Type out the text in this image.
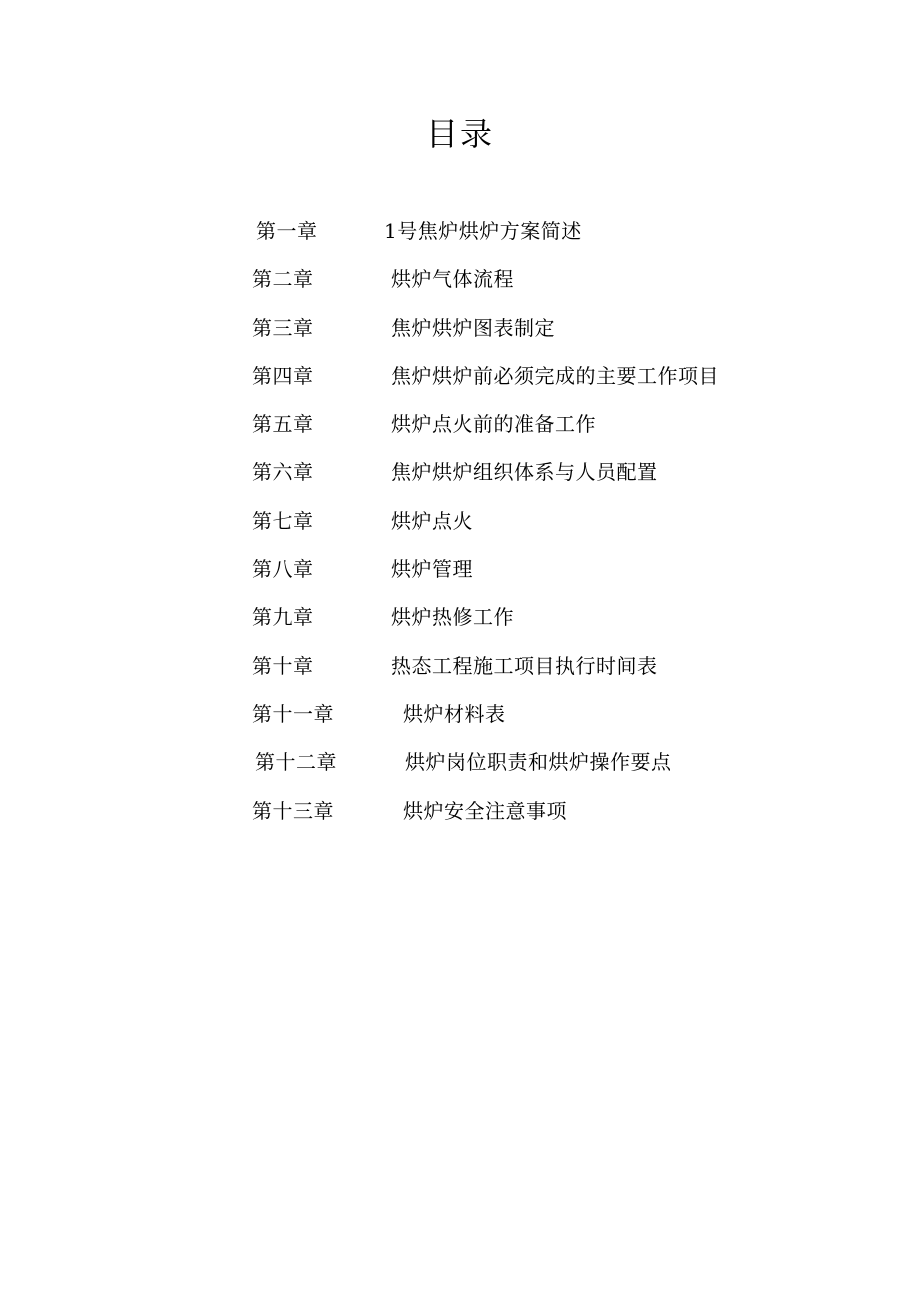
目录
第一章	1号焦炉烘炉方案简述
第二章	烘炉气体流程
第三章	焦炉烘炉图表制定
第四章	焦炉烘炉前必须完成的主要工作项目
第五章	烘炉点火前的准备工作
第六章	焦炉烘炉组织体系与人员配置
第七章	烘炉点火
第八章	烘炉管理
第九章	烘炉热修工作
第十章	热态工程施工项目执行时间表
第十一章	烘炉材料表
第十二章	烘炉岗位职责和烘炉操作要点
第十三章	烘炉安全注意事项
